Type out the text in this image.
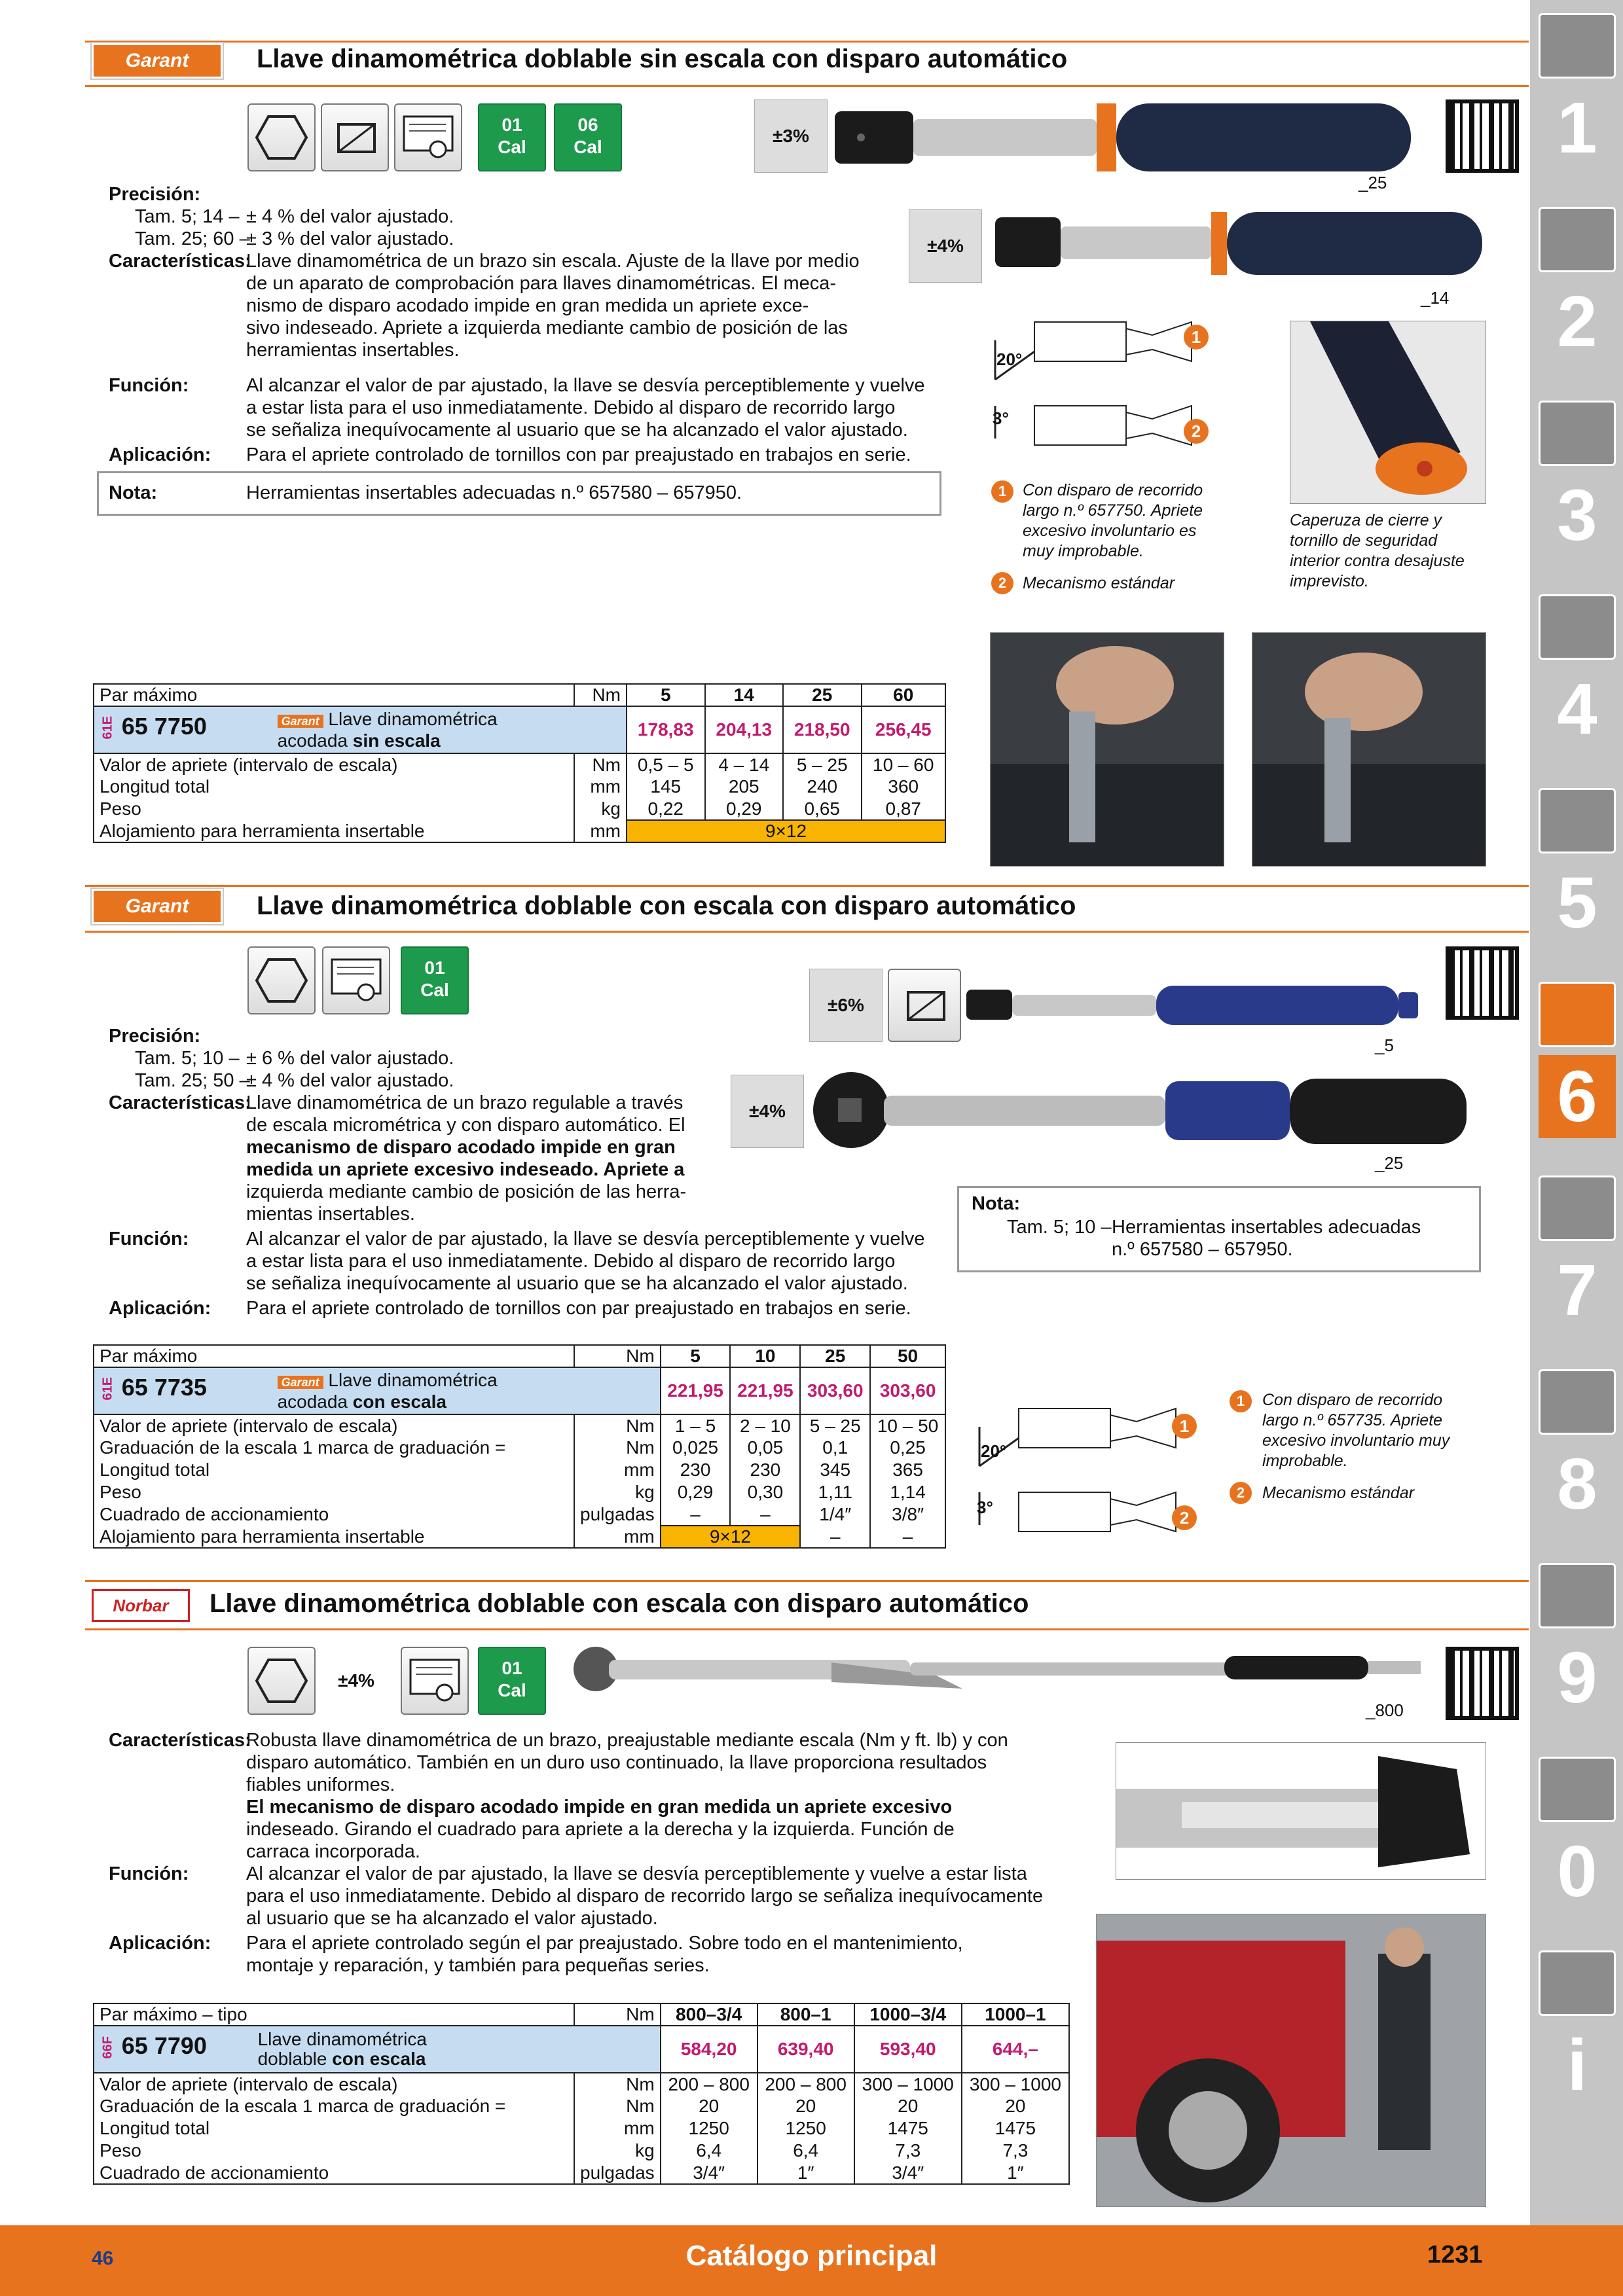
1
2
3
4
5
6
7
8
9
0
i
Garant	Llave dinamométrica doblable sin escala con disparo automático
01
Cal
06
Cal
±3%
±4%
_25
_14
Precisión:
Tam. 5; 14 – ± 4 % del valor ajustado.
Tam. 25; 60 –
± 3 % del valor ajustado.
Características:
Llave dinamométrica de un brazo sin escala. Ajuste de la llave por medio
de un aparato de comprobación para llaves dinamométricas. El meca-
nismo de disparo acodado impide en gran medida un apriete exce-
sivo indeseado. Apriete a izquierda mediante cambio de posición de las
herramientas insertables.
Función:	Al alcanzar el valor de par ajustado, la llave se desvía perceptiblemente y vuelve
a estar lista para el uso inmediatamente. Debido al disparo de recorrido largo
se señaliza inequívocamente al usuario que se ha alcanzado el valor ajustado.
Aplicación: Para el apriete controlado de tornillos con par preajustado en trabajos en serie.
Nota:	Herramientas insertables adecuadas n.º 657580 – 657950.
20°
3°
1
2
1 Con disparo de recorrido
largo n.º 657750. Apriete
excesivo involuntario es
muy improbable.
2 Mecanismo estándar
Caperuza de cierre y
tornillo de seguridad
interior contra desajuste
imprevisto.
Par máximo	Nm	5	14	25	60
61E 65 7750 Garant Llave dinamométrica
acodada sin escala		178,83	204,13	218,50	256,45
Valor de apriete (intervalo de escala)	Nm	0,5 – 5	4 – 14	5 – 25	10 – 60
Longitud total	mm	145	205	240	360
Peso	kg	0,22	0,29	0,65	0,87
Alojamiento para herramienta insertable	mm	9×12			
Garant	Llave dinamométrica doblable con escala con disparo automático
01
Cal
±6%
±4%
_5
_25
Precisión:
Tam. 5; 10 – ± 6 % del valor ajustado.
Tam. 25; 50 –
± 4 % del valor ajustado.
Características:
Llave dinamométrica de un brazo regulable a través
de escala micrométrica y con disparo automático. El
mecanismo de disparo acodado impide en gran
medida un apriete excesivo indeseado. Apriete a
izquierda mediante cambio de posición de las herra-
mientas insertables.
Función:	Al alcanzar el valor de par ajustado, la llave se desvía perceptiblemente y vuelve
a estar lista para el uso inmediatamente. Debido al disparo de recorrido largo
se señaliza inequívocamente al usuario que se ha alcanzado el valor ajustado.
Aplicación: Para el apriete controlado de tornillos con par preajustado en trabajos en serie.
Nota:
Tam. 5; 10 – Herramientas insertables adecuadas
n.º 657580 – 657950.
Par máximo	Nm	5	10	25	50
61E 65 7735 Garant Llave dinamométrica
acodada con escala		221,95	221,95	303,60	303,60
Valor de apriete (intervalo de escala)	Nm	1 – 5	2 – 10	5 – 25	10 – 50
Graduación de la escala 1 marca de graduación =	Nm	0,025	0,05	0,1	0,25
Longitud total	mm	230	230	345	365
Peso	kg	0,29	0,30	1,11	1,14
Cuadrado de accionamiento	pulgadas	–	–	1/4″	3/8″
Alojamiento para herramienta insertable	mm	9×12		–	–
20°
3°
1
2
1	Con disparo de recorrido
largo n.º 657735. Apriete
excesivo involuntario muy
improbable.
2	Mecanismo estándar
Norbar Llave dinamométrica doblable con escala con disparo automático
±4%
01
Cal
_800
Características:
Robusta llave dinamométrica de un brazo, preajustable mediante escala (Nm y ft. lb) y con
disparo automático. También en un duro uso continuado, la llave proporciona resultados
fiables uniformes.
El mecanismo de disparo acodado impide en gran medida un apriete excesivo
indeseado. Girando el cuadrado para apriete a la derecha y la izquierda. Función de
carraca incorporada.
Función:	Al alcanzar el valor de par ajustado, la llave se desvía perceptiblemente y vuelve a estar lista
para el uso inmediatamente. Debido al disparo de recorrido largo se señaliza inequívocamente
al usuario que se ha alcanzado el valor ajustado.
Aplicación: Para el apriete controlado según el par preajustado. Sobre todo en el mantenimiento,
montaje y reparación, y también para pequeñas series.
Par máximo – tipo	Nm	800–3/4	800–1	1000–3/4	1000–1
66F 65 7790 Llave dinamométrica
doblable con escala		584,20	639,40	593,40	644,–
Valor de apriete (intervalo de escala)	Nm	200 – 800	200 – 800	300 – 1000	300 – 1000
Graduación de la escala 1 marca de graduación =	Nm	20	20	20	20
Longitud total	mm	1250	1250	1475	1475
Peso	kg	6,4	6,4	7,3	7,3
Cuadrado de accionamiento	pulgadas	3/4″	1″	3/4″	1″
46	Catálogo principal	1231
